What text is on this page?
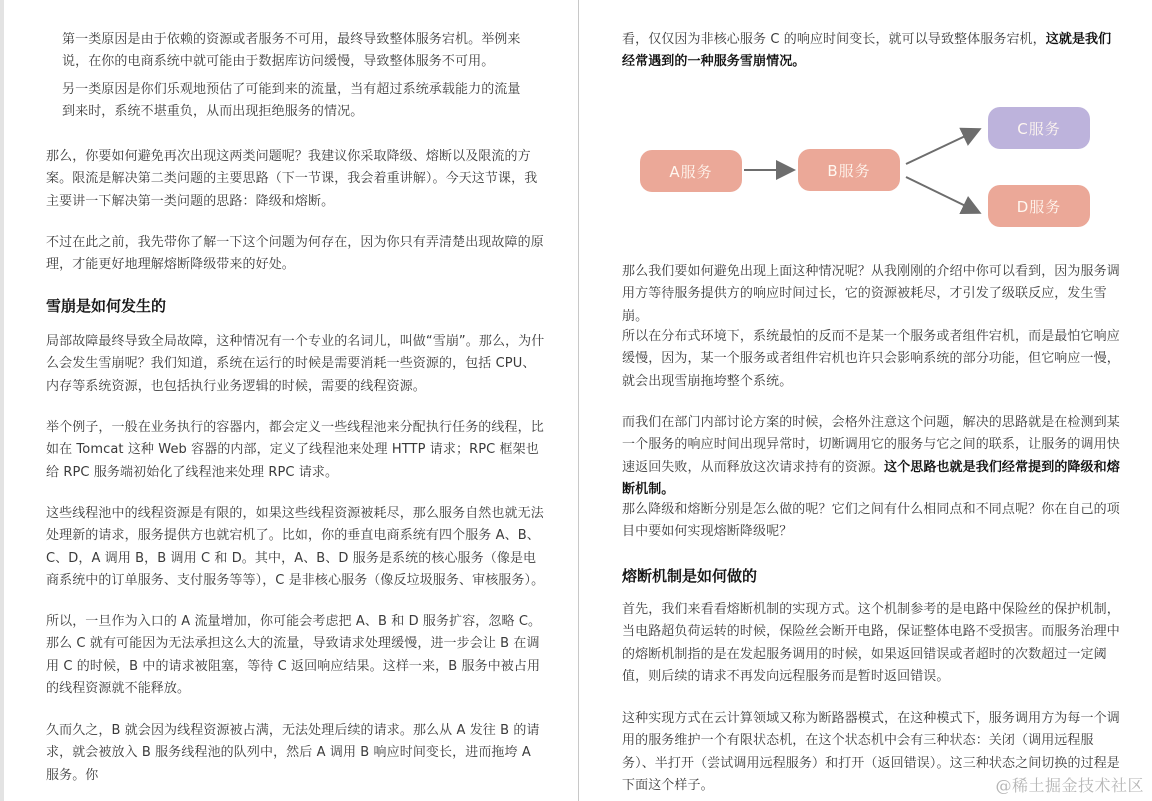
第一类原因是由于依赖的资源或者服务不可用，最终导致整体服务宕机。举例来说，在你的电商系统中就可能由于数据库访问缓慢，导致整体服务不可用。

另一类原因是你们乐观地预估了可能到来的流量，当有超过系统承载能力的流量到来时，系统不堪重负，从而出现拒绝服务的情况。

那么，你要如何避免再次出现这两类问题呢？我建议你采取降级、熔断以及限流的方案。限流是解决第二类问题的主要思路（下一节课，我会着重讲解）。今天这节课，我主要讲一下解决第一类问题的思路：降级和熔断。

不过在此之前，我先带你了解一下这个问题为何存在，因为你只有弄清楚出现故障的原理，才能更好地理解熔断降级带来的好处。

雪崩是如何发生的

局部故障最终导致全局故障，这种情况有一个专业的名词儿，叫做“雪崩”。那么，为什么会发生雪崩呢？我们知道，系统在运行的时候是需要消耗一些资源的，包括 CPU、内存等系统资源，也包括执行业务逻辑的时候，需要的线程资源。

举个例子，一般在业务执行的容器内，都会定义一些线程池来分配执行任务的线程，比如在 Tomcat 这种 Web 容器的内部，定义了线程池来处理 HTTP 请求；RPC 框架也给 RPC 服务端初始化了线程池来处理 RPC 请求。

这些线程池中的线程资源是有限的，如果这些线程资源被耗尽，那么服务自然也就无法处理新的请求，服务提供方也就宕机了。比如，你的垂直电商系统有四个服务 A、B、C、D，A 调用 B，B 调用 C 和 D。其中，A、B、D 服务是系统的核心服务（像是电商系统中的订单服务、支付服务等等），C 是非核心服务（像反垃圾服务、审核服务）。

所以，一旦作为入口的 A 流量增加，你可能会考虑把 A、B 和 D 服务扩容，忽略 C。那么 C 就有可能因为无法承担这么大的流量，导致请求处理缓慢，进一步会让 B 在调用 C 的时候，B 中的请求被阻塞，等待 C 返回响应结果。这样一来，B 服务中被占用的线程资源就不能释放。

久而久之，B 就会因为线程资源被占满，无法处理后续的请求。那么从 A 发往 B 的请求，就会被放入 B 服务线程池的队列中，然后 A 调用 B 响应时间变长，进而拖垮 A 服务。你

看，仅仅因为非核心服务 C 的响应时间变长，就可以导致整体服务宕机，这就是我们经常遇到的一种服务雪崩情况。

A服务	B服务
C服务
D服务

那么我们要如何避免出现上面这种情况呢？从我刚刚的介绍中你可以看到，因为服务调用方等待服务提供方的响应时间过长，它的资源被耗尽，才引发了级联反应，发生雪崩。

所以在分布式环境下，系统最怕的反而不是某一个服务或者组件宕机，而是最怕它响应缓慢，因为，某一个服务或者组件宕机也许只会影响系统的部分功能，但它响应一慢，就会出现雪崩拖垮整个系统。

而我们在部门内部讨论方案的时候，会格外注意这个问题，解决的思路就是在检测到某一个服务的响应时间出现异常时，切断调用它的服务与它之间的联系，让服务的调用快速返回失败，从而释放这次请求持有的资源。这个思路也就是我们经常提到的降级和熔断机制。

那么降级和熔断分别是怎么做的呢？它们之间有什么相同点和不同点呢？你在自己的项目中要如何实现熔断降级呢？

熔断机制是如何做的

首先，我们来看看熔断机制的实现方式。这个机制参考的是电路中保险丝的保护机制，当电路超负荷运转的时候，保险丝会断开电路，保证整体电路不受损害。而服务治理中的熔断机制指的是在发起服务调用的时候，如果返回错误或者超时的次数超过一定阈值，则后续的请求不再发向远程服务而是暂时返回错误。

这种实现方式在云计算领域又称为断路器模式，在这种模式下，服务调用方为每一个调用的服务维护一个有限状态机，在这个状态机中会有三种状态：关闭（调用远程服务）、半打开（尝试调用远程服务）和打开（返回错误）。这三种状态之间切换的过程是下面这个样子。	@稀土掘金技术社区
